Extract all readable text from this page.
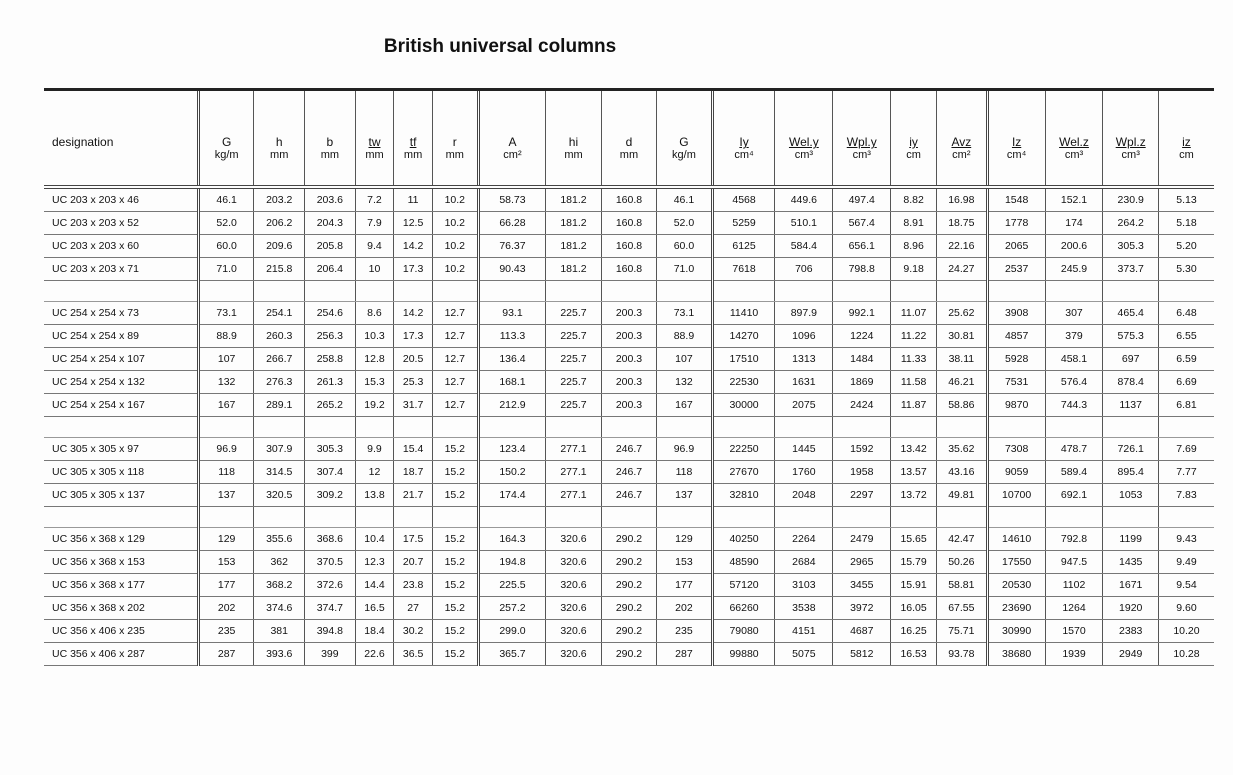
British universal columns

designation	G	h	b	tw	tf	r	A	hi	d	G	Iy	Wel.y	Wpl.y	iy	Avz	Iz	Wel.z	Wpl.z	iz
	kg/m	mm	mm	mm	mm	mm	cm²	mm	mm	kg/m	cm⁴	cm³	cm³	cm	cm²	cm⁴	cm³	cm³	cm
UC 203 x 203 x 46	46.1	203.2	203.6	7.2	11	10.2	58.73	181.2	160.8	46.1	4568	449.6	497.4	8.82	16.98	1548	152.1	230.9	5.13
UC 203 x 203 x 52	52.0	206.2	204.3	7.9	12.5	10.2	66.28	181.2	160.8	52.0	5259	510.1	567.4	8.91	18.75	1778	174	264.2	5.18
UC 203 x 203 x 60	60.0	209.6	205.8	9.4	14.2	10.2	76.37	181.2	160.8	60.0	6125	584.4	656.1	8.96	22.16	2065	200.6	305.3	5.20
UC 203 x 203 x 71	71.0	215.8	206.4	10	17.3	10.2	90.43	181.2	160.8	71.0	7618	706	798.8	9.18	24.27	2537	245.9	373.7	5.30

UC 254 x 254 x 73	73.1	254.1	254.6	8.6	14.2	12.7	93.1	225.7	200.3	73.1	11410	897.9	992.1	11.07	25.62	3908	307	465.4	6.48
UC 254 x 254 x 89	88.9	260.3	256.3	10.3	17.3	12.7	113.3	225.7	200.3	88.9	14270	1096	1224	11.22	30.81	4857	379	575.3	6.55
UC 254 x 254 x 107	107	266.7	258.8	12.8	20.5	12.7	136.4	225.7	200.3	107	17510	1313	1484	11.33	38.11	5928	458.1	697	6.59
UC 254 x 254 x 132	132	276.3	261.3	15.3	25.3	12.7	168.1	225.7	200.3	132	22530	1631	1869	11.58	46.21	7531	576.4	878.4	6.69
UC 254 x 254 x 167	167	289.1	265.2	19.2	31.7	12.7	212.9	225.7	200.3	167	30000	2075	2424	11.87	58.86	9870	744.3	1137	6.81

UC 305 x 305 x 97	96.9	307.9	305.3	9.9	15.4	15.2	123.4	277.1	246.7	96.9	22250	1445	1592	13.42	35.62	7308	478.7	726.1	7.69
UC 305 x 305 x 118	118	314.5	307.4	12	18.7	15.2	150.2	277.1	246.7	118	27670	1760	1958	13.57	43.16	9059	589.4	895.4	7.77
UC 305 x 305 x 137	137	320.5	309.2	13.8	21.7	15.2	174.4	277.1	246.7	137	32810	2048	2297	13.72	49.81	10700	692.1	1053	7.83

UC 356 x 368 x 129	129	355.6	368.6	10.4	17.5	15.2	164.3	320.6	290.2	129	40250	2264	2479	15.65	42.47	14610	792.8	1199	9.43
UC 356 x 368 x 153	153	362	370.5	12.3	20.7	15.2	194.8	320.6	290.2	153	48590	2684	2965	15.79	50.26	17550	947.5	1435	9.49
UC 356 x 368 x 177	177	368.2	372.6	14.4	23.8	15.2	225.5	320.6	290.2	177	57120	3103	3455	15.91	58.81	20530	1102	1671	9.54
UC 356 x 368 x 202	202	374.6	374.7	16.5	27	15.2	257.2	320.6	290.2	202	66260	3538	3972	16.05	67.55	23690	1264	1920	9.60
UC 356 x 406 x 235	235	381	394.8	18.4	30.2	15.2	299.0	320.6	290.2	235	79080	4151	4687	16.25	75.71	30990	1570	2383	10.20
UC 356 x 406 x 287	287	393.6	399	22.6	36.5	15.2	365.7	320.6	290.2	287	99880	5075	5812	16.53	93.78	38680	1939	2949	10.28
